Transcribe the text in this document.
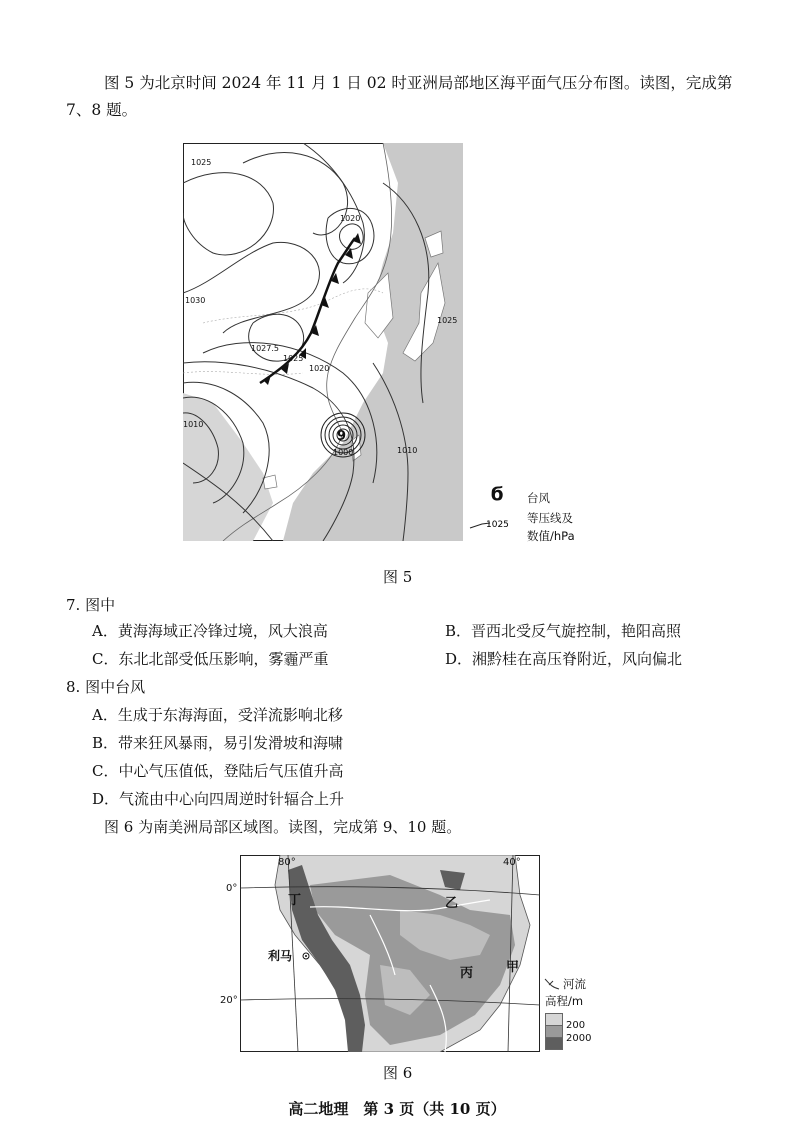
图 5 为北京时间 2024 年 11 月 1 日 02 时亚洲局部地区海平面气压分布图。读图，完成第 7、8 题。
9
1025
1020
1030
1025
1027.5
1025
1020
1010
1000	1010
ϭ 台风
1025 等压线及
数值/hPa
图 5
7. 图中
A．黄海海域正冷锋过境，风大浪高	B．晋西北受反气旋控制，艳阳高照
C．东北北部受低压影响，雾霾严重	D．湘黔桂在高压脊附近，风向偏北
8. 图中台风
A．生成于东海海面，受洋流影响北移
B．带来狂风暴雨，易引发滑坡和海啸
C．中心气压值低，登陆后气压值升高
D．气流由中心向四周逆时针辐合上升
图 6 为南美洲局部区域图。读图，完成第 9、10 题。
80°	40°
丁	乙
利马
丙	甲
0°
20°
河流
高程/m
200
2000
图 6
高二地理　第 3 页（共 10 页）
